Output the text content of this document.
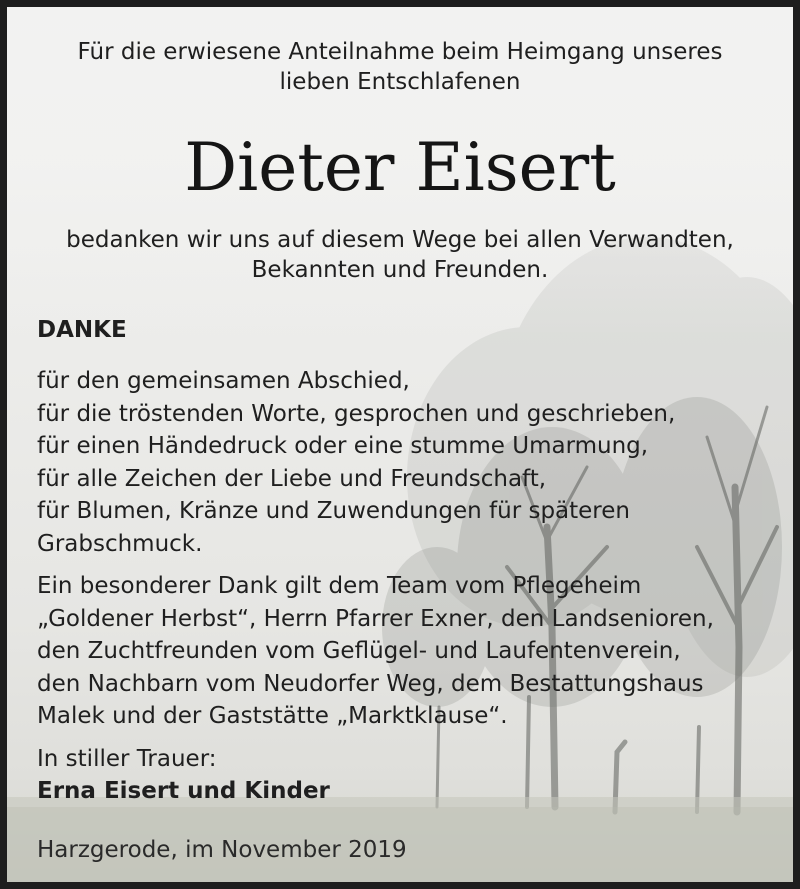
Für die erwiesene Anteilnahme beim Heimgang unseres
lieben Entschlafenen
Dieter Eisert
bedanken wir uns auf diesem Wege bei allen Verwandten,
Bekannten und Freunden.
DANKE
für den gemeinsamen Abschied,
für die tröstenden Worte, gesprochen und geschrieben,
für einen Händedruck oder eine stumme Umarmung,
für alle Zeichen der Liebe und Freundschaft,
für Blumen, Kränze und Zuwendungen für späteren
Grabschmuck.
Ein besonderer Dank gilt dem Team vom Pflegeheim
„Goldener Herbst“, Herrn Pfarrer Exner, den Landsenioren,
den Zuchtfreunden vom Geflügel- und Laufentenverein,
den Nachbarn vom Neudorfer Weg, dem Bestattungshaus
Malek und der Gaststätte „Marktklause“.
In stiller Trauer:
Erna Eisert und Kinder
Harzgerode, im November 2019
